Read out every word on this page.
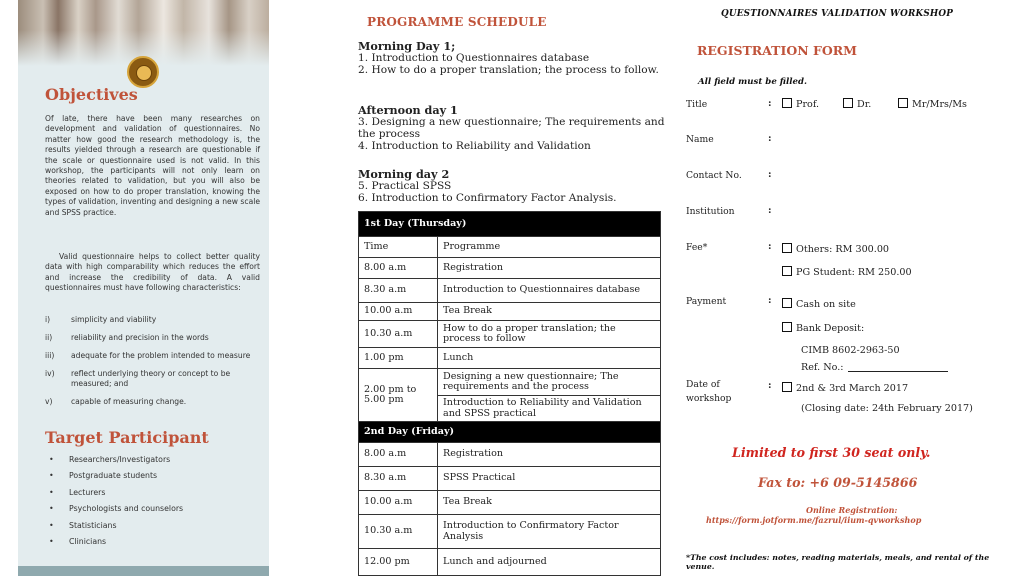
Objectives

Of late, there have been many researches on development and validation of questionnaires. No matter how good the research methodology is, the results yielded through a research are questionable if the scale or questionnaire used is not valid. In this workshop, the participants will not only learn on theories related to validation, but you will also be exposed on how to do proper translation, knowing the types of validation, inventing and designing a new scale and SPSS practice.

Valid questionnaire helps to collect better quality data with high comparability which reduces the effort and increase the credibility of data. A valid questionnaires must have following characteristics:

i)	simplicity and viability
ii) reliability and precision in the words
iii) adequate for the problem intended to measure
iv) reflect underlying theory or concept to be measured; and
v) capable of measuring change.
Target Participant
• Researchers/Investigators
• Postgraduate students
• Lecturers
• Psychologists and counselors
• Statisticians
• Clinicians
PROGRAMME SCHEDULE
Morning Day 1;
1. Introduction to Questionnaires database
2. How to do a proper translation; the process to follow.
Afternoon day 1
3. Designing a new questionnaire; The requirements and the process
4. Introduction to Reliability and Validation
Morning day 2
5. Practical SPSS
6. Introduction to Confirmatory Factor Analysis.
1st Day (Thursday)	
Time	Programme
8.00 a.m	Registration
8.30 a.m	Introduction to Questionnaires database
10.00 a.m	Tea Break
10.30 a.m	How to do a proper translation; the process to follow
1.00 pm	Lunch
2.00 pm to 5.00 pm	Designing a new questionnaire; The requirements and the process
	Introduction to Reliability and Validation and SPSS practical
2nd Day (Friday)	
8.00 a.m	Registration
8.30 a.m	SPSS Practical
10.00 a.m	Tea Break
10.30 a.m	Introduction to Confirmatory Factor Analysis
12.00 pm	Lunch and adjourned
QUESTIONNAIRES VALIDATION WORKSHOP
REGISTRATION FORM
All field must be filled.
Title	:	Prof.	Dr.	Mr/Mrs/Ms
Name	:
Contact No.	:
Institution	:
Fee*	:	Others: RM 300.00
PG Student: RM 250.00
Payment	:	Cash on site
Bank Deposit:
CIMB 8602-2963-50
Ref. No.:
Date of
workshop
:	2nd & 3rd March 2017
(Closing date: 24th February 2017)
Limited to first 30 seat only.
Fax to: +6 09-5145866
Online Registration:
https://form.jotform.me/fazrul/iium-qvworkshop
*The cost includes: notes, reading materials, meals, and rental of the venue.
